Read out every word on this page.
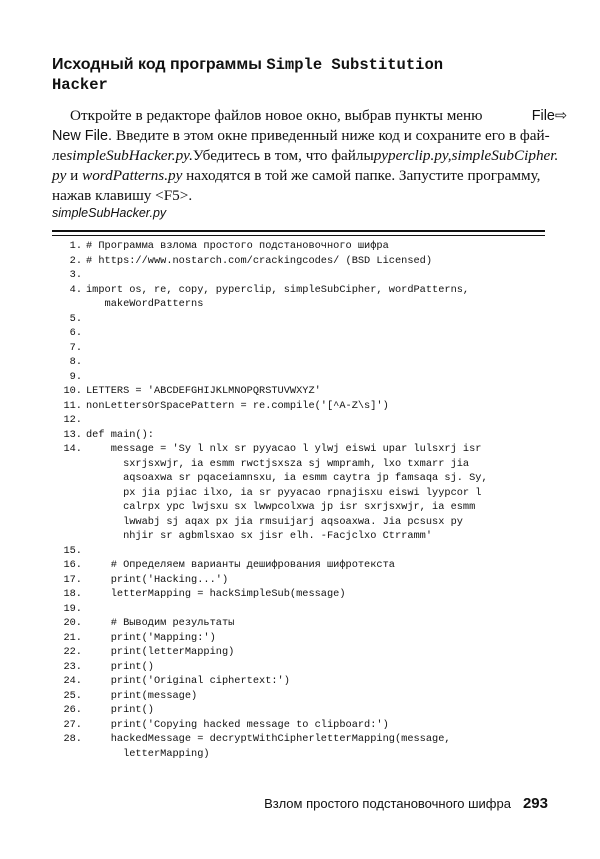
Исходный код программы Simple Substitution
Hacker
Откройте в редакторе файлов новое окно, выбрав пункты меню	File⇨
New File. Введите в этом окне приведенный ниже код и сохраните его в фай-
ле simpleSubHacker.py. Убедитесь в том, что файлы pyperclip.py, simpleSubCipher.
py и wordPatterns.py находятся в той же самой папке. Запустите программу,
нажав клавишу <F5>.
simpleSubHacker.py
1. # Программа взлома простого подстановочного шифра
2. # https://www.nostarch.com/crackingcodes/ (BSD Licensed)
3.
4. import os, re, copy, pyperclip, simpleSubCipher, wordPatterns,
makeWordPatterns
5.
6.
7.
8.
9.
10. LETTERS = 'ABCDEFGHIJKLMNOPQRSTUVWXYZ'
11. nonLettersOrSpacePattern = re.compile('[^A-Z\s]')
12.
13. def main():
14. message = 'Sy l nlx sr pyyacao l ylwj eiswi upar lulsxrj isr
sxrjsxwjr, ia esmm rwctjsxsza sj wmpramh, lxo txmarr jia
aqsoaxwa sr pqaceiamnsxu, ia esmm caytra jp famsaqa sj. Sy,
px jia pjiac ilxo, ia sr pyyacao rpnajisxu eiswi lyypcor l
calrpx ypc lwjsxu sx lwwpcolxwa jp isr sxrjsxwjr, ia esmm
lwwabj sj aqax px jia rmsuijarj aqsoaxwa. Jia pcsusx py
nhjir sr agbmlsxao sx jisr elh. -Facjclxo Ctrramm'
15.
16. # Определяем варианты дешифрования шифротекста
17. print('Hacking...')
18. letterMapping = hackSimpleSub(message)
19.
20. # Выводим результаты
21. print('Mapping:')
22. print(letterMapping)
23. print()
24. print('Original ciphertext:')
25. print(message)
26. print()
27. print('Copying hacked message to clipboard:')
28. hackedMessage = decryptWithCipherletterMapping(message,
letterMapping)
Взлом простого подстановочного шифра 293
